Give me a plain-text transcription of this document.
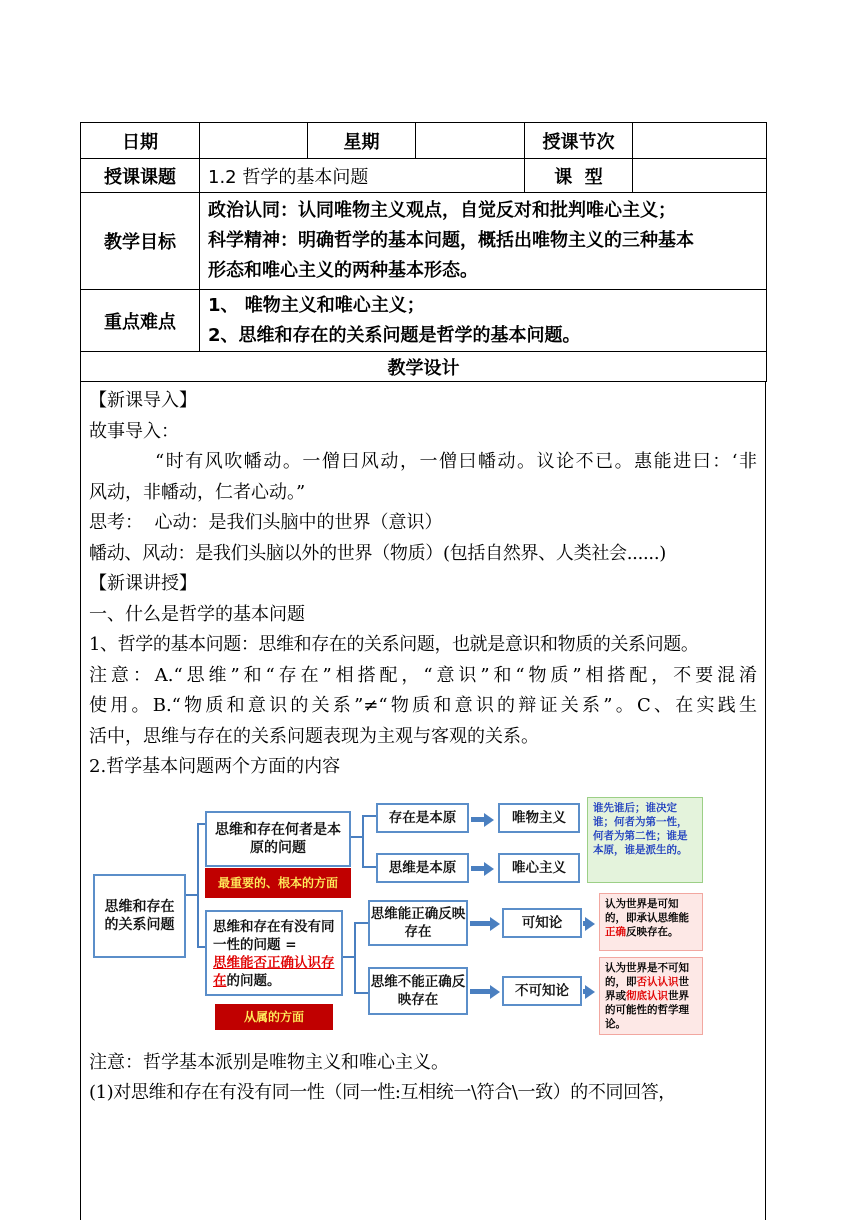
日期		星期		授课节次	
授课课题	1.2 哲学的基本问题			课  型	
教学目标	政治认同：认同唯物主义观点，自觉反对和批判唯心主义；
科学精神：明确哲学的基本问题，概括出唯物主义的三种基本
形态和唯心主义的两种基本形态。				

重点难点	1、 唯物主义和唯心主义；
2、思维和存在的关系问题是哲学的基本问题。				

教学设计					
【新课导入】
故事导入：
“时有风吹幡动。一僧曰风动，一僧曰幡动。议论不已。惠能进曰：‘非
风动，非幡动，仁者心动。”
思考：  心动：是我们头脑中的世界（意识）
幡动、风动：是我们头脑以外的世界（物质）(包括自然界、人类社会......)
【新课讲授】
一、什么是哲学的基本问题
1、哲学的基本问题：思维和存在的关系问题，也就是意识和物质的关系问题。
注意：A.“思维”和“存在”相搭配，“意识”和“物质”相搭配，不要混淆
使用。B.“物质和意识的关系”≠“物质和意识的辩证关系”。C、在实践生
活中，思维与存在的关系问题表现为主观与客观的关系。
2.哲学基本问题两个方面的内容
思维和存在的关系问题
思维和存在何者是本原的问题
最重要的、根本的方面
思维和存在有没有同一性的问题 =
思维能否正确认识存在的问题。
从属的方面
存在是本原
思维是本原
思维能正确反映存在
思维不能正确反映存在
唯物主义
唯心主义
可知论
不可知论
谁先谁后；谁决定谁；何者为第一性，何者为第二性；谁是本原，谁是派生的。
认为世界是可知的，即承认思维能正确反映存在。
认为世界是不可知的，即否认认识世界或彻底认识世界的可能性的哲学理论。
注意：哲学基本派别是唯物主义和唯心主义。
(1)对思维和存在有没有同一性（同一性:互相统一\符合\一致）的不同回答，
